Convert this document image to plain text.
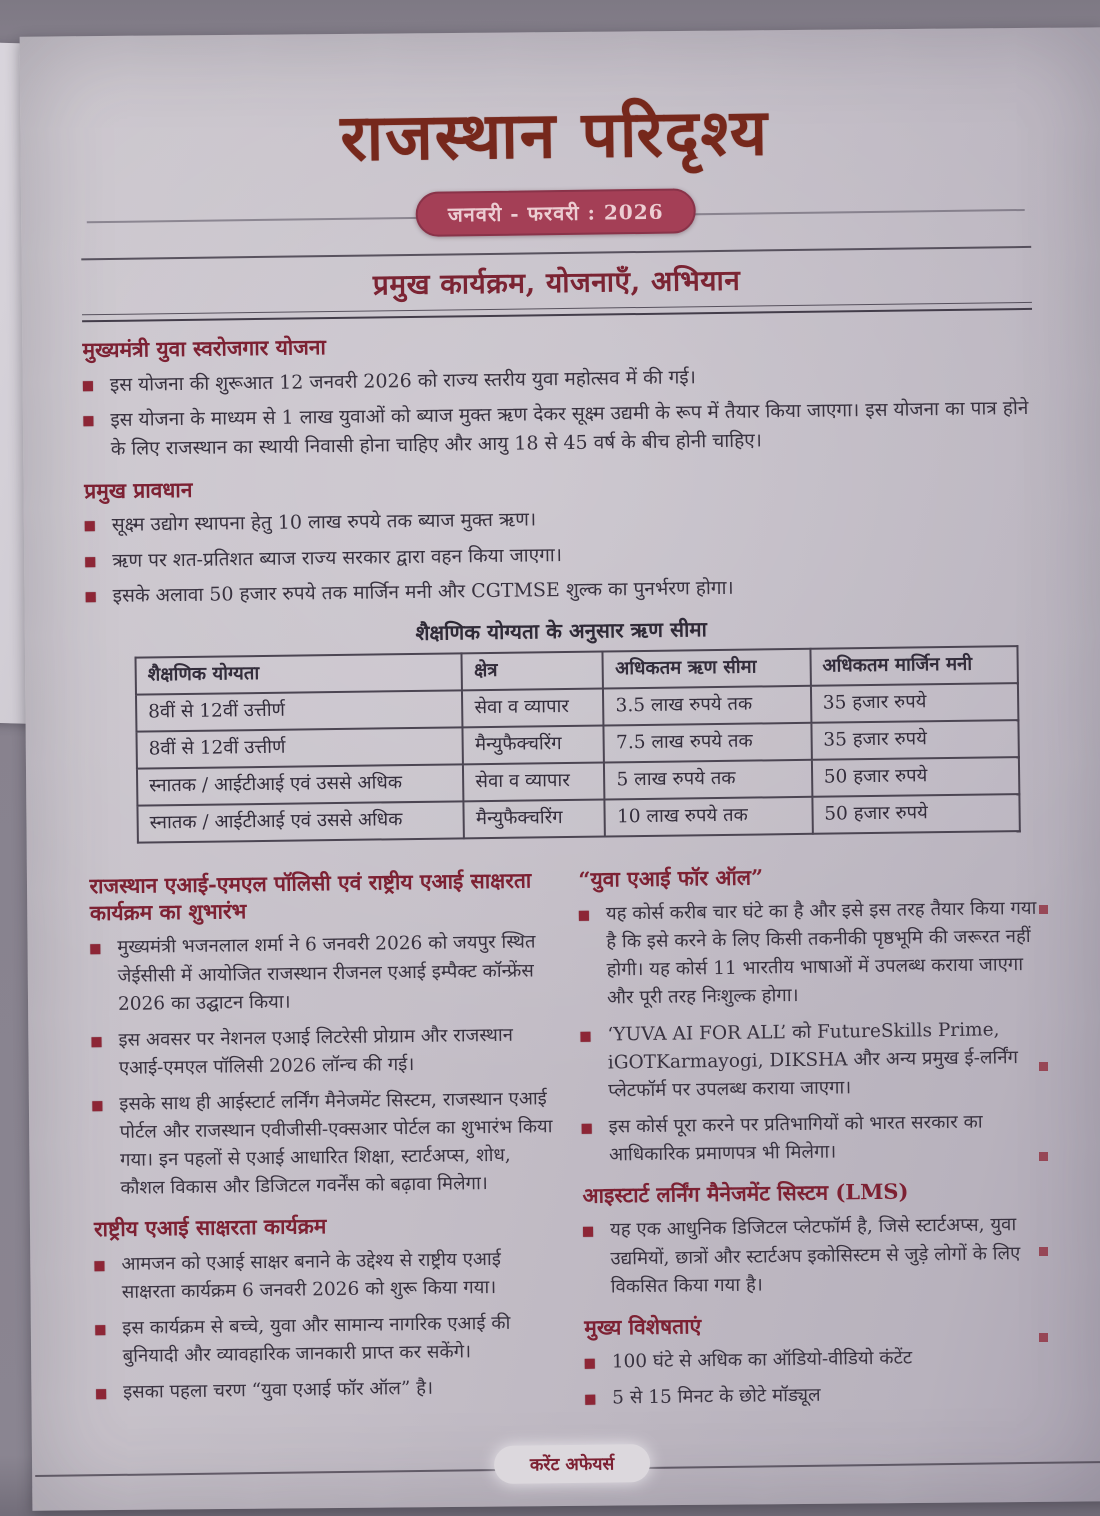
राजस्थान परिदृश्य
जनवरी - फरवरी : 2026
प्रमुख कार्यक्रम, योजनाएँ, अभियान
मुख्यमंत्री युवा स्वरोजगार योजना
इस योजना की शुरूआत 12 जनवरी 2026 को राज्य स्तरीय युवा महोत्सव में की गई।
इस योजना के माध्यम से 1 लाख युवाओं को ब्याज मुक्त ऋण देकर सूक्ष्म उद्यमी के रूप में तैयार किया जाएगा। इस योजना का पात्र होने के लिए राजस्थान का स्थायी निवासी होना चाहिए और आयु 18 से 45 वर्ष के बीच होनी चाहिए।
प्रमुख प्रावधान
सूक्ष्म उद्योग स्थापना हेतु 10 लाख रुपये तक ब्याज मुक्त ऋण।
ऋण पर शत-प्रतिशत ब्याज राज्य सरकार द्वारा वहन किया जाएगा।
इसके अलावा 50 हजार रुपये तक मार्जिन मनी और CGTMSE शुल्क का पुनर्भरण होगा।
शैक्षणिक योग्यता के अनुसार ऋण सीमा
शैक्षणिक योग्यता	क्षेत्र	अधिकतम ऋण सीमा	अधिकतम मार्जिन मनी
8वीं से 12वीं उत्तीर्ण	सेवा व व्यापार	3.5 लाख रुपये तक	35 हजार रुपये
8वीं से 12वीं उत्तीर्ण	मैन्युफैक्चरिंग	7.5 लाख रुपये तक	35 हजार रुपये
स्नातक / आईटीआई एवं उससे अधिक	सेवा व व्यापार	5 लाख रुपये तक	50 हजार रुपये
स्नातक / आईटीआई एवं उससे अधिक	मैन्युफैक्चरिंग	10 लाख रुपये तक	50 हजार रुपये
राजस्थान एआई-एमएल पॉलिसी एवं राष्ट्रीय एआई साक्षरता कार्यक्रम का शुभारंभ
मुख्यमंत्री भजनलाल शर्मा ने 6 जनवरी 2026 को जयपुर स्थित जेईसीसी में आयोजित राजस्थान रीजनल एआई इम्पैक्ट कॉन्फ्रेंस 2026 का उद्घाटन किया।
इस अवसर पर नेशनल एआई लिटरेसी प्रोग्राम और राजस्थान एआई-एमएल पॉलिसी 2026 लॉन्च की गई।
इसके साथ ही आईस्टार्ट लर्निंग मैनेजमेंट सिस्टम, राजस्थान एआई पोर्टल और राजस्थान एवीजीसी-एक्सआर पोर्टल का शुभारंभ किया गया। इन पहलों से एआई आधारित शिक्षा, स्टार्टअप्स, शोध, कौशल विकास और डिजिटल गवर्नेंस को बढ़ावा मिलेगा।
राष्ट्रीय एआई साक्षरता कार्यक्रम
आमजन को एआई साक्षर बनाने के उद्देश्य से राष्ट्रीय एआई साक्षरता कार्यक्रम 6 जनवरी 2026 को शुरू किया गया।
इस कार्यक्रम से बच्चे, युवा और सामान्य नागरिक एआई की बुनियादी और व्यावहारिक जानकारी प्राप्त कर सकेंगे।
इसका पहला चरण “युवा एआई फॉर ऑल” है।
“युवा एआई फॉर ऑल”
यह कोर्स करीब चार घंटे का है और इसे इस तरह तैयार किया गया है कि इसे करने के लिए किसी तकनीकी पृष्ठभूमि की जरूरत नहीं होगी। यह कोर्स 11 भारतीय भाषाओं में उपलब्ध कराया जाएगा और पूरी तरह निःशुल्क होगा।
‘YUVA AI FOR ALL’ को FutureSkills Prime, iGOTKarmayogi, DIKSHA और अन्य प्रमुख ई-लर्निंग प्लेटफॉर्म पर उपलब्ध कराया जाएगा।
इस कोर्स पूरा करने पर प्रतिभागियों को भारत सरकार का आधिकारिक प्रमाणपत्र भी मिलेगा।
आइस्टार्ट लर्निंग मैनेजमेंट सिस्टम (LMS)
यह एक आधुनिक डिजिटल प्लेटफॉर्म है, जिसे स्टार्टअप्स, युवा उद्यमियों, छात्रों और स्टार्टअप इकोसिस्टम से जुड़े लोगों के लिए विकसित किया गया है।
मुख्य विशेषताएं
100 घंटे से अधिक का ऑडियो-वीडियो कंटेंट
5 से 15 मिनट के छोटे मॉड्यूल
करेंट अफेयर्स
